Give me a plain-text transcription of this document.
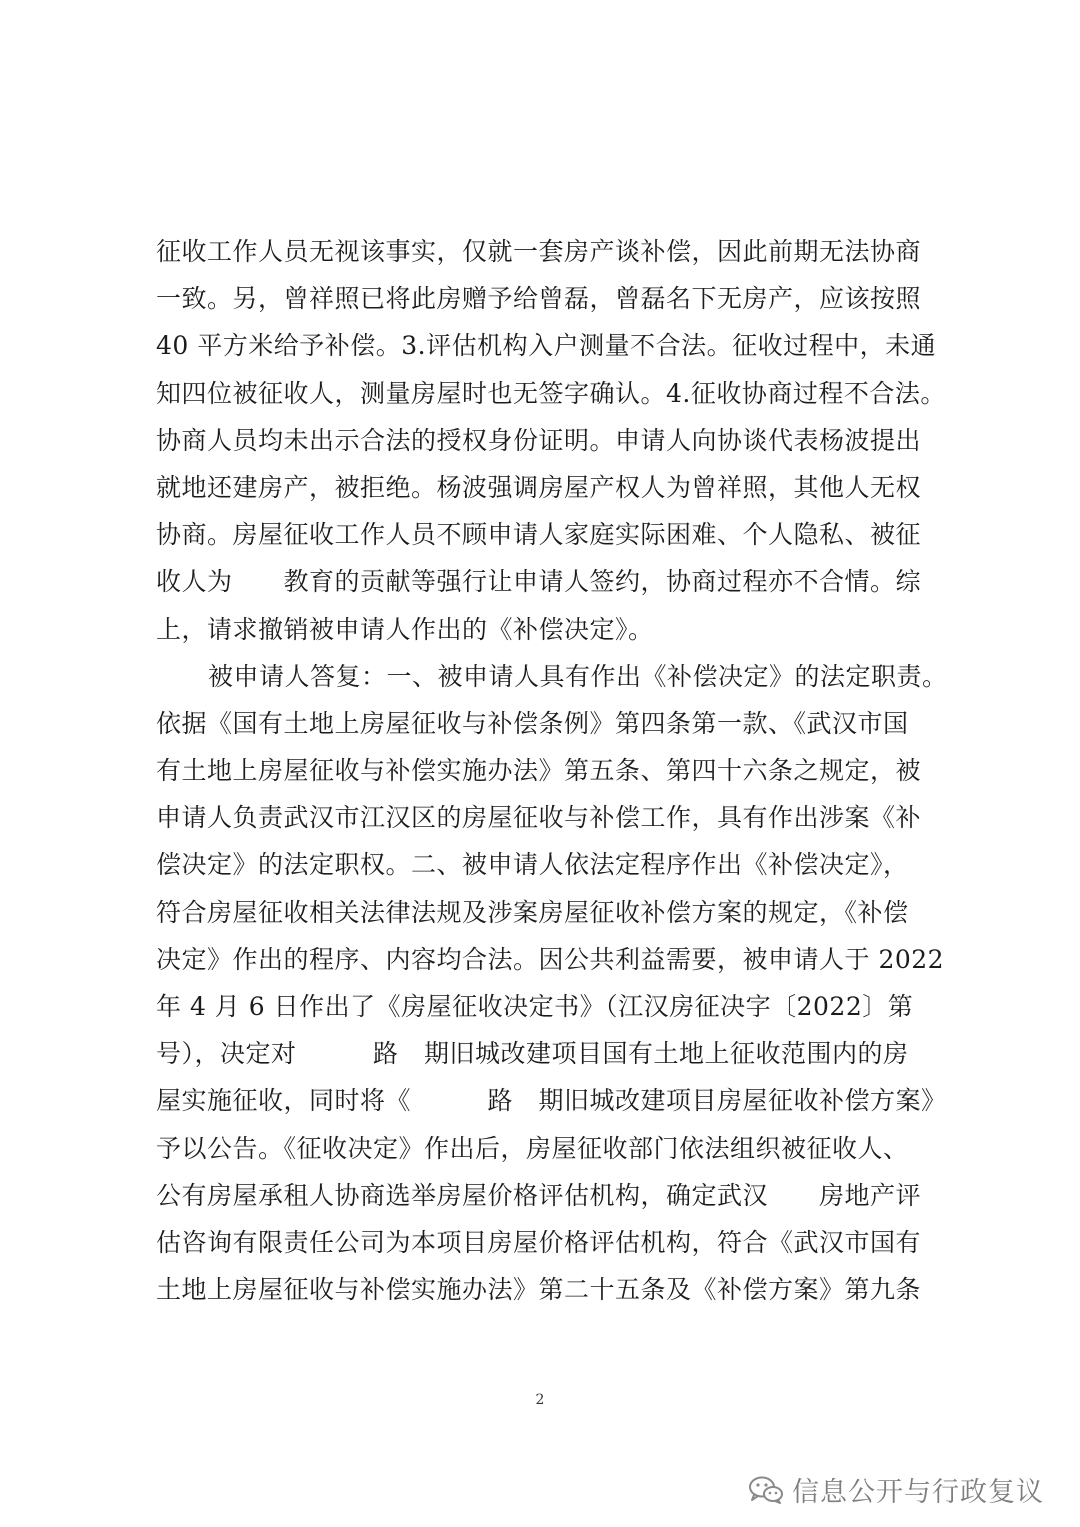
征收工作人员无视该事实，仅就一套房产谈补偿，因此前期无法协商
一致。另，曾祥照已将此房赠予给曾磊，曾磊名下无房产，应该按照
40 平方米给予补偿。3.评估机构入户测量不合法。征收过程中，未通
知四位被征收人，测量房屋时也无签字确认。4.征收协商过程不合法。
协商人员均未出示合法的授权身份证明。申请人向协谈代表杨波提出
就地还建房产，被拒绝。杨波强调房屋产权人为曾祥照，其他人无权
协商。房屋征收工作人员不顾申请人家庭实际困难、个人隐私、被征
收人为　　教育的贡献等强行让申请人签约，协商过程亦不合情。综
上，请求撤销被申请人作出的《补偿决定》。
被申请人答复：一、被申请人具有作出《补偿决定》的法定职责。
依据《国有土地上房屋征收与补偿条例》第四条第一款、《武汉市国
有土地上房屋征收与补偿实施办法》第五条、第四十六条之规定，被
申请人负责武汉市江汉区的房屋征收与补偿工作，具有作出涉案《补
偿决定》的法定职权。二、被申请人依法定程序作出《补偿决定》，
符合房屋征收相关法律法规及涉案房屋征收补偿方案的规定，《补偿
决定》作出的程序、内容均合法。因公共利益需要，被申请人于 2022
年 4 月 6 日作出了《房屋征收决定书》（江汉房征决字〔2022〕第
号），决定对　　　路　期旧城改建项目国有土地上征收范围内的房
屋实施征收，同时将《　　　路　期旧城改建项目房屋征收补偿方案》
予以公告。《征收决定》作出后，房屋征收部门依法组织被征收人、
公有房屋承租人协商选举房屋价格评估机构，确定武汉　　房地产评
估咨询有限责任公司为本项目房屋价格评估机构，符合《武汉市国有
土地上房屋征收与补偿实施办法》第二十五条及《补偿方案》第九条
2
信息公开与行政复议
